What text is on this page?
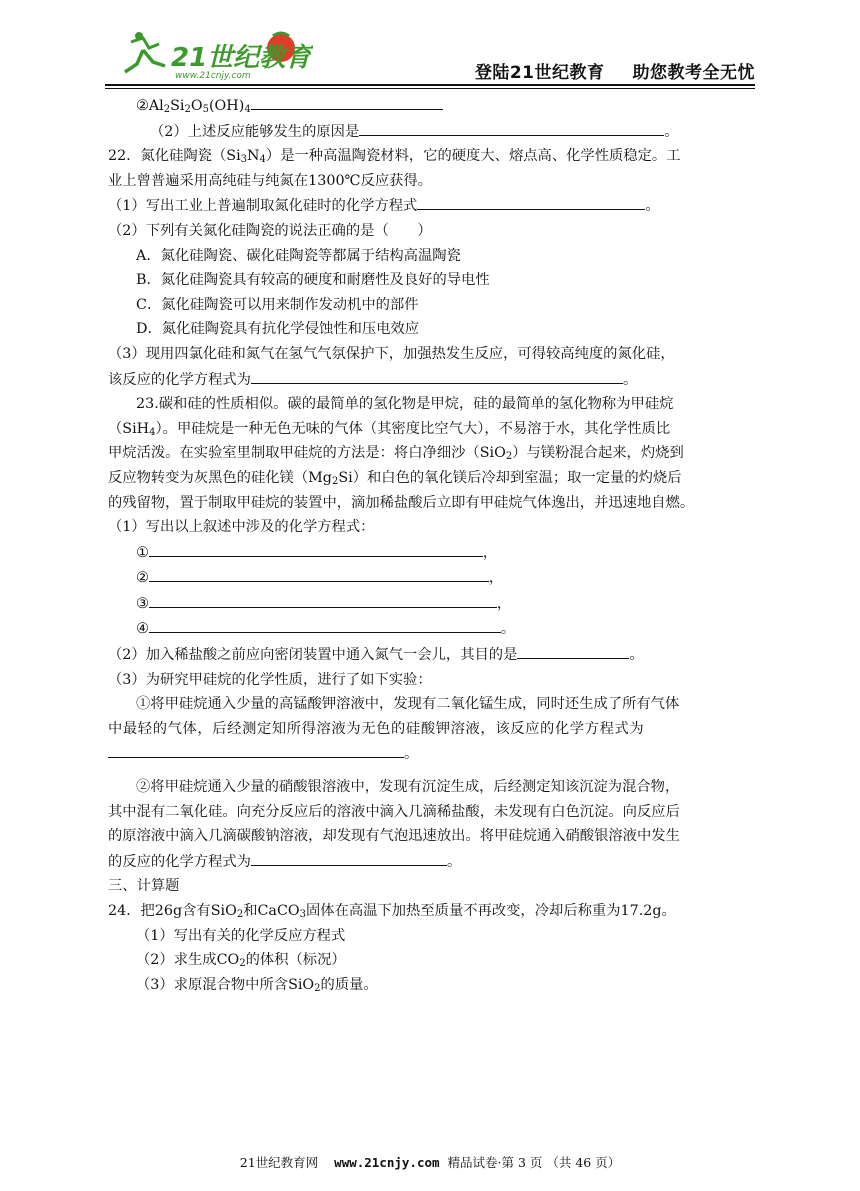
21世纪教育
www.21cnjy.com	登陆21世纪教育 助您教考全无忧
$②Al_2Si_2O_5(OH)_4$
（2）上述反应能够发生的原因是	。
22．氮化硅陶瓷$(Si_3N_4)$是一种高温陶瓷材料，它的硬度大、熔点高、化学性质稳定。工
业上曾普遍采用高纯硅与纯氮在1300℃反应获得。
（1）写出工业上普遍制取氮化硅时的化学方程式	。
（2）下列有关氮化硅陶瓷的说法正确的是（　　）
A．氮化硅陶瓷、碳化硅陶瓷等都属于结构高温陶瓷
B．氮化硅陶瓷具有较高的硬度和耐磨性及良好的导电性
C．氮化硅陶瓷可以用来制作发动机中的部件
D．氮化硅陶瓷具有抗化学侵蚀性和压电效应
（3）现用四氯化硅和氮气在氢气气氛保护下，加强热发生反应，可得较高纯度的氮化硅，
该反应的化学方程式为	。
23.碳和硅的性质相似。碳的最简单的氢化物是甲烷，硅的最简单的氢化物称为甲硅烷
（SiH$_4$）。甲硅烷是一种无色无味的气体（其密度比空气大），不易溶于水，其化学性质比
甲烷活泼。在实验室里制取甲硅烷的方法是：将白净细沙（SiO$_2$）与镁粉混合起来，灼烧到
反应物转变为灰黑色的硅化镁$(Mg_2Si)$和白色的氧化镁后冷却到室温；取一定量的灼烧后
的残留物，置于制取甲硅烷的装置中，滴加稀盐酸后立即有甲硅烷气体逸出，并迅速地自燃。
（1）写出以上叙述中涉及的化学方程式：
①	，
②	，
③	，
④	。
（2）加入稀盐酸之前应向密闭装置中通入氮气一会儿，其目的是	。
（3）为研究甲硅烷的化学性质，进行了如下实验：
①将甲硅烷通入少量的高锰酸钾溶液中，发现有二氧化锰生成，同时还生成了所有气体
中最轻的气体，后经测定知所得溶液为无色的硅酸钾溶液，该反应的化学方程式为
。
②将甲硅烷通入少量的硝酸银溶液中，发现有沉淀生成，后经测定知该沉淀为混合物，
其中混有二氧化硅。向充分反应后的溶液中滴入几滴稀盐酸，未发现有白色沉淀。向反应后
的原溶液中滴入几滴碳酸钠溶液，却发现有气泡迅速放出。将甲硅烷通入硝酸银溶液中发生
的反应的化学方程式为	。
三、计算题
24．把26g含有SiO$_2$和CaCO$_3$固体在高温下加热至质量不再改变，冷却后称重为17.2g。
（1）写出有关的化学反应方程式
（2）求生成$CO_2$的体积（标况）
（3）求原混合物中所含SiO$_2$的质量。
21世纪教育网 www.21cnjy.com 精品试卷·第 3 页 （共 46 页）
